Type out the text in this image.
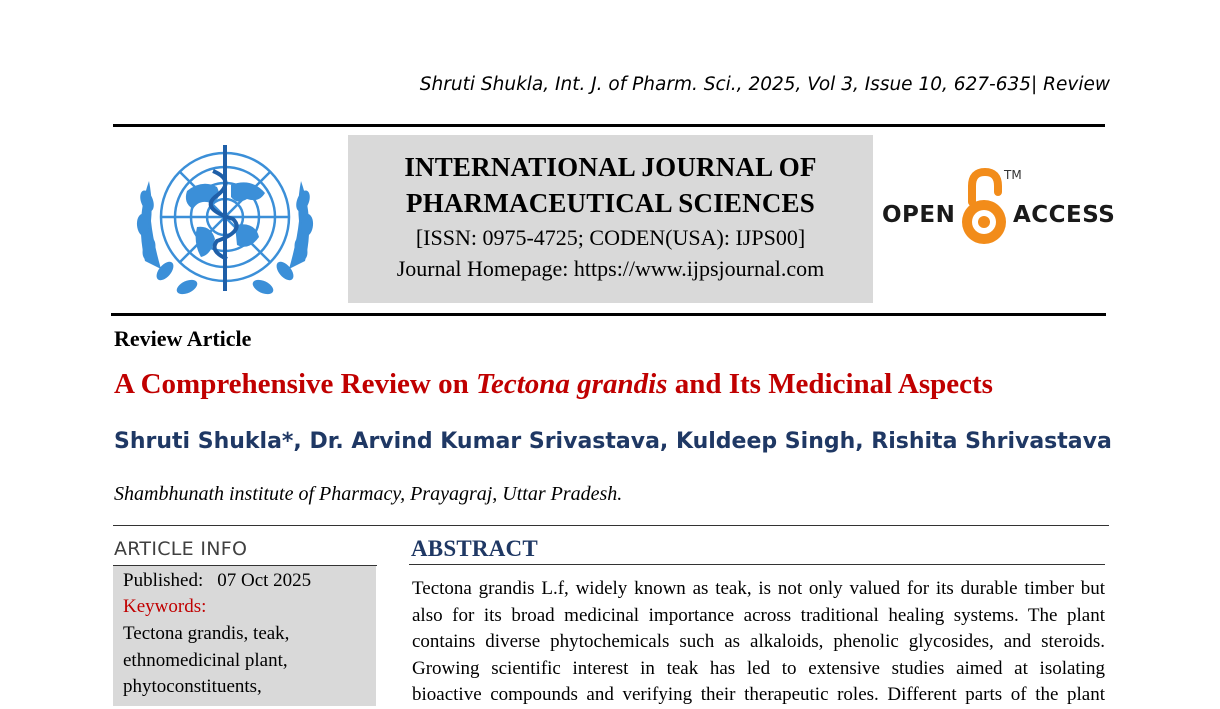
Shruti Shukla, Int. J. of Pharm. Sci., 2025, Vol 3, Issue 10, 627-635| Review
INTERNATIONAL JOURNAL OF
PHARMACEUTICAL SCIENCES
[ISSN: 0975-4725; CODEN(USA): IJPS00]
Journal Homepage: https://www.ijpsjournal.com
OPEN
TM
ACCESS
Review Article
A Comprehensive Review on Tectona grandis and Its Medicinal Aspects
Shruti Shukla*, Dr. Arvind Kumar Srivastava, Kuldeep Singh, Rishita Shrivastava
Shambhunath institute of Pharmacy, Prayagraj, Uttar Pradesh.
ARTICLE INFO
Published: 07 Oct 2025
Keywords:
Tectona grandis, teak,
ethnomedicinal plant,
phytoconstituents,
ABSTRACT
Tectona grandis L.f, widely known as teak, is not only valued for its durable timber but
also for its broad medicinal importance across traditional healing systems. The plant
contains diverse phytochemicals such as alkaloids, phenolic glycosides, and steroids.
Growing scientific interest in teak has led to extensive studies aimed at isolating
bioactive compounds and verifying their therapeutic roles. Different parts of the plant
